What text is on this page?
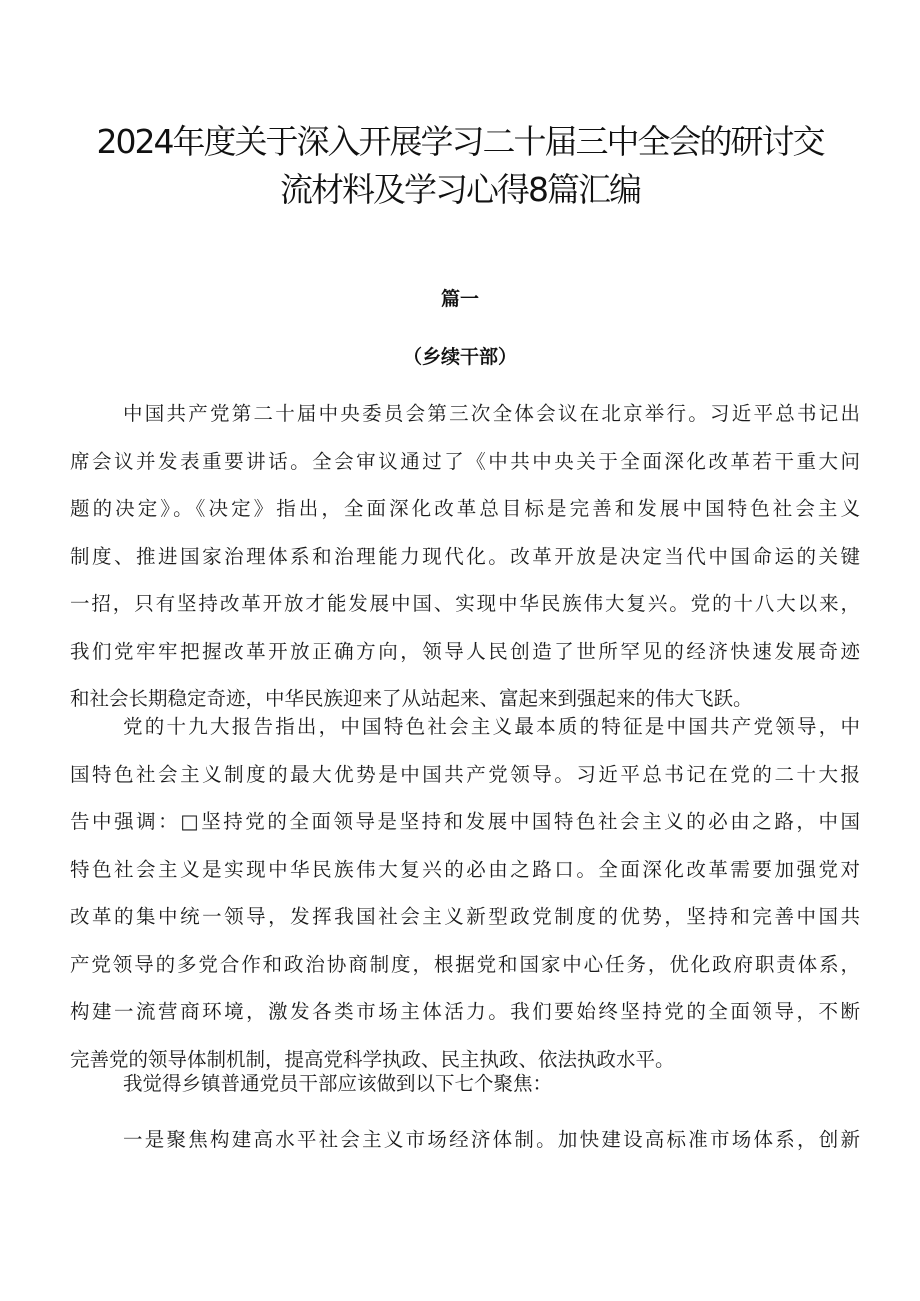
2024年度关于深入开展学习二十届三中全会的研讨交
流材料及学习心得8篇汇编
篇一
（乡续干部）

中国共产党第二十届中央委员会第三次全体会议在北京举行。习近平总书记出
席会议并发表重要讲话。全会审议通过了《中共中央关于全面深化改革若干重大问
题的决定》。《决定》指出，全面深化改革总目标是完善和发展中国特色社会主义
制度、推进国家治理体系和治理能力现代化。改革开放是决定当代中国命运的关键
一招，只有坚持改革开放才能发展中国、实现中华民族伟大复兴。党的十八大以来，
我们党牢牢把握改革开放正确方向，领导人民创造了世所罕见的经济快速发展奇迹
和社会长期稳定奇迹，中华民族迎来了从站起来、富起来到强起来的伟大飞跃。

党的十九大报告指出，中国特色社会主义最本质的特征是中国共产党领导，中
国特色社会主义制度的最大优势是中国共产党领导。习近平总书记在党的二十大报
告中强调：□坚持党的全面领导是坚持和发展中国特色社会主义的必由之路，中国
特色社会主义是实现中华民族伟大复兴的必由之路口。全面深化改革需要加强党对
改革的集中统一领导，发挥我国社会主义新型政党制度的优势，坚持和完善中国共
产党领导的多党合作和政治协商制度，根据党和国家中心任务，优化政府职责体系，
构建一流营商环境，激发各类市场主体活力。我们要始终坚持党的全面领导，不断
完善党的领导体制机制，提高党科学执政、民主执政、依法执政水平。

我觉得乡镇普通党员干部应该做到以下七个聚焦：

一是聚焦构建高水平社会主义市场经济体制。加快建设高标准市场体系，创新
